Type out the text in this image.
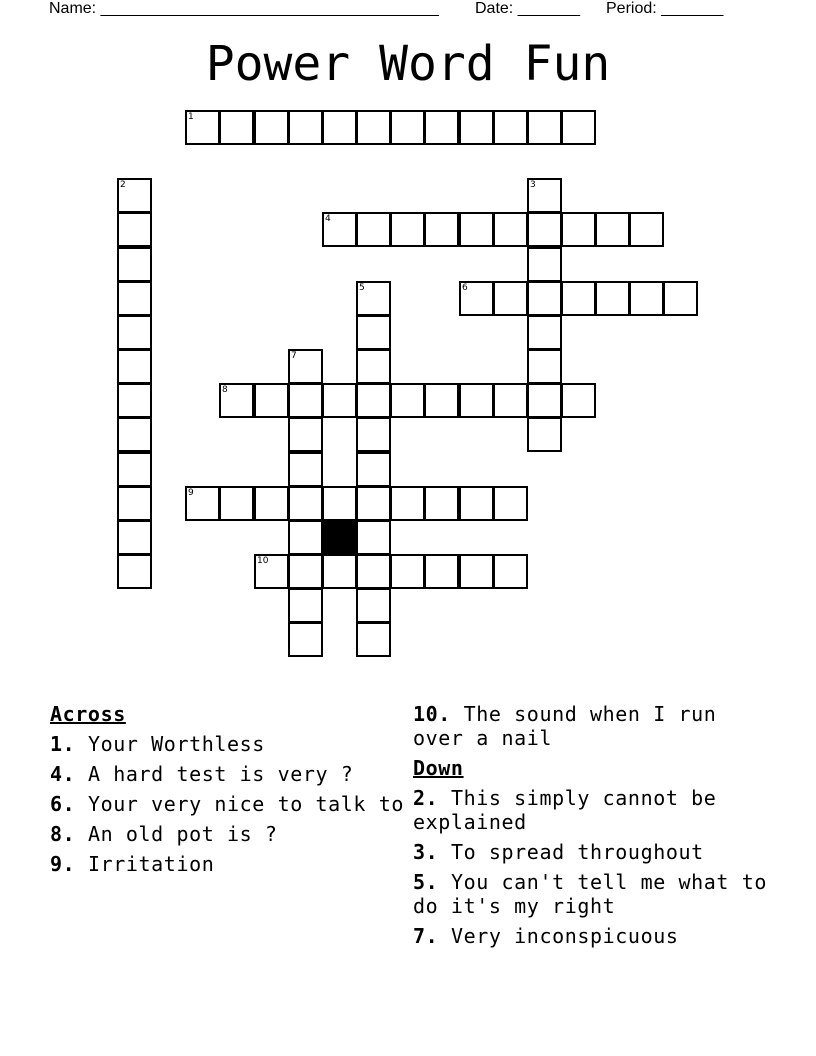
Name: ______________________________________ Date: _______ Period: _______
Power Word Fun
1
2	3
4
6
5
7
8
9
10
Across
1. Your Worthless
4. A hard test is very ?
6. Your very nice to talk to
8. An old pot is ?
9. Irritation
10. The sound when I run over a nail
Down
2. This simply cannot be explained
3. To spread throughout
5. You can't tell me what to do it's my right
7. Very inconspicuous
